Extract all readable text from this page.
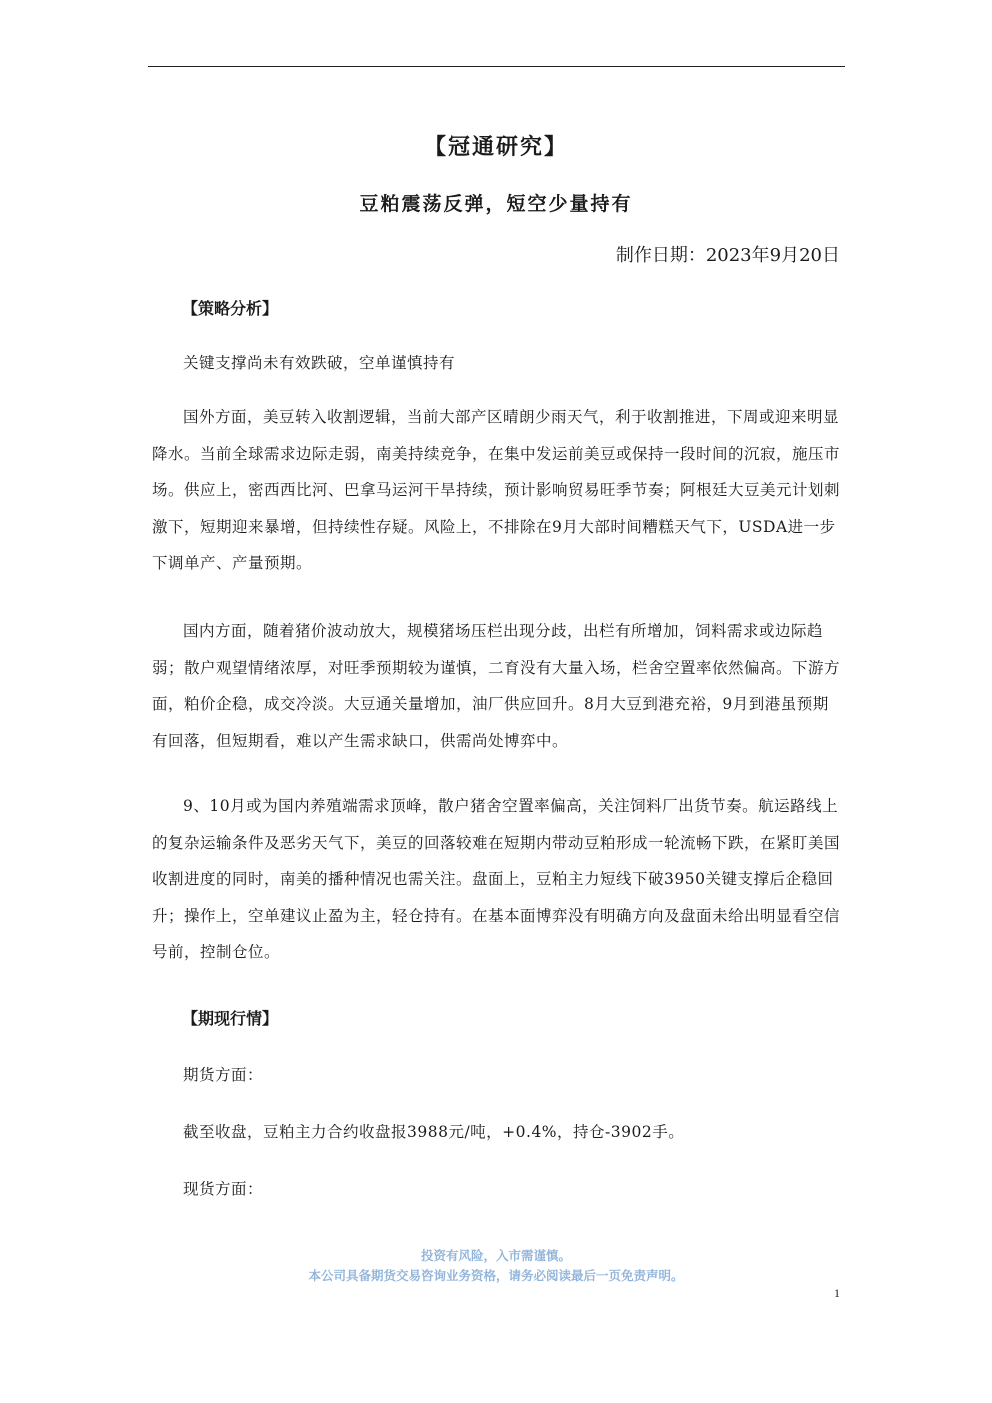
【冠通研究】
豆粕震荡反弹，短空少量持有

制作日期：2023年9月20日

【策略分析】

关键支撑尚未有效跌破，空单谨慎持有

国外方面，美豆转入收割逻辑，当前大部产区晴朗少雨天气，利于收割推进，下周或迎来明显降水。当前全球需求边际走弱，南美持续竞争，在集中发运前美豆或保持一段时间的沉寂，施压市场。供应上，密西西比河、巴拿马运河干旱持续，预计影响贸易旺季节奏；阿根廷大豆美元计划刺激下，短期迎来暴增，但持续性存疑。风险上，不排除在9月大部时间糟糕天气下，USDA进一步下调单产、产量预期。

国内方面，随着猪价波动放大，规模猪场压栏出现分歧，出栏有所增加，饲料需求或边际趋弱；散户观望情绪浓厚，对旺季预期较为谨慎，二育没有大量入场，栏舍空置率依然偏高。下游方面，粕价企稳，成交冷淡。大豆通关量增加，油厂供应回升。8月大豆到港充裕，9月到港虽预期有回落，但短期看，难以产生需求缺口，供需尚处博弈中。

9、10月或为国内养殖端需求顶峰，散户猪舍空置率偏高，关注饲料厂出货节奏。航运路线上的复杂运输条件及恶劣天气下，美豆的回落较难在短期内带动豆粕形成一轮流畅下跌，在紧盯美国收割进度的同时，南美的播种情况也需关注。盘面上，豆粕主力短线下破3950关键支撑后企稳回升；操作上，空单建议止盈为主，轻仓持有。在基本面博弈没有明确方向及盘面未给出明显看空信号前，控制仓位。

【期现行情】

期货方面：

截至收盘，豆粕主力合约收盘报3988元/吨，+0.4%，持仓-3902手。

现货方面：

投资有风险，入市需谨慎。

本公司具备期货交易咨询业务资格，请务必阅读最后一页免责声明。

1
